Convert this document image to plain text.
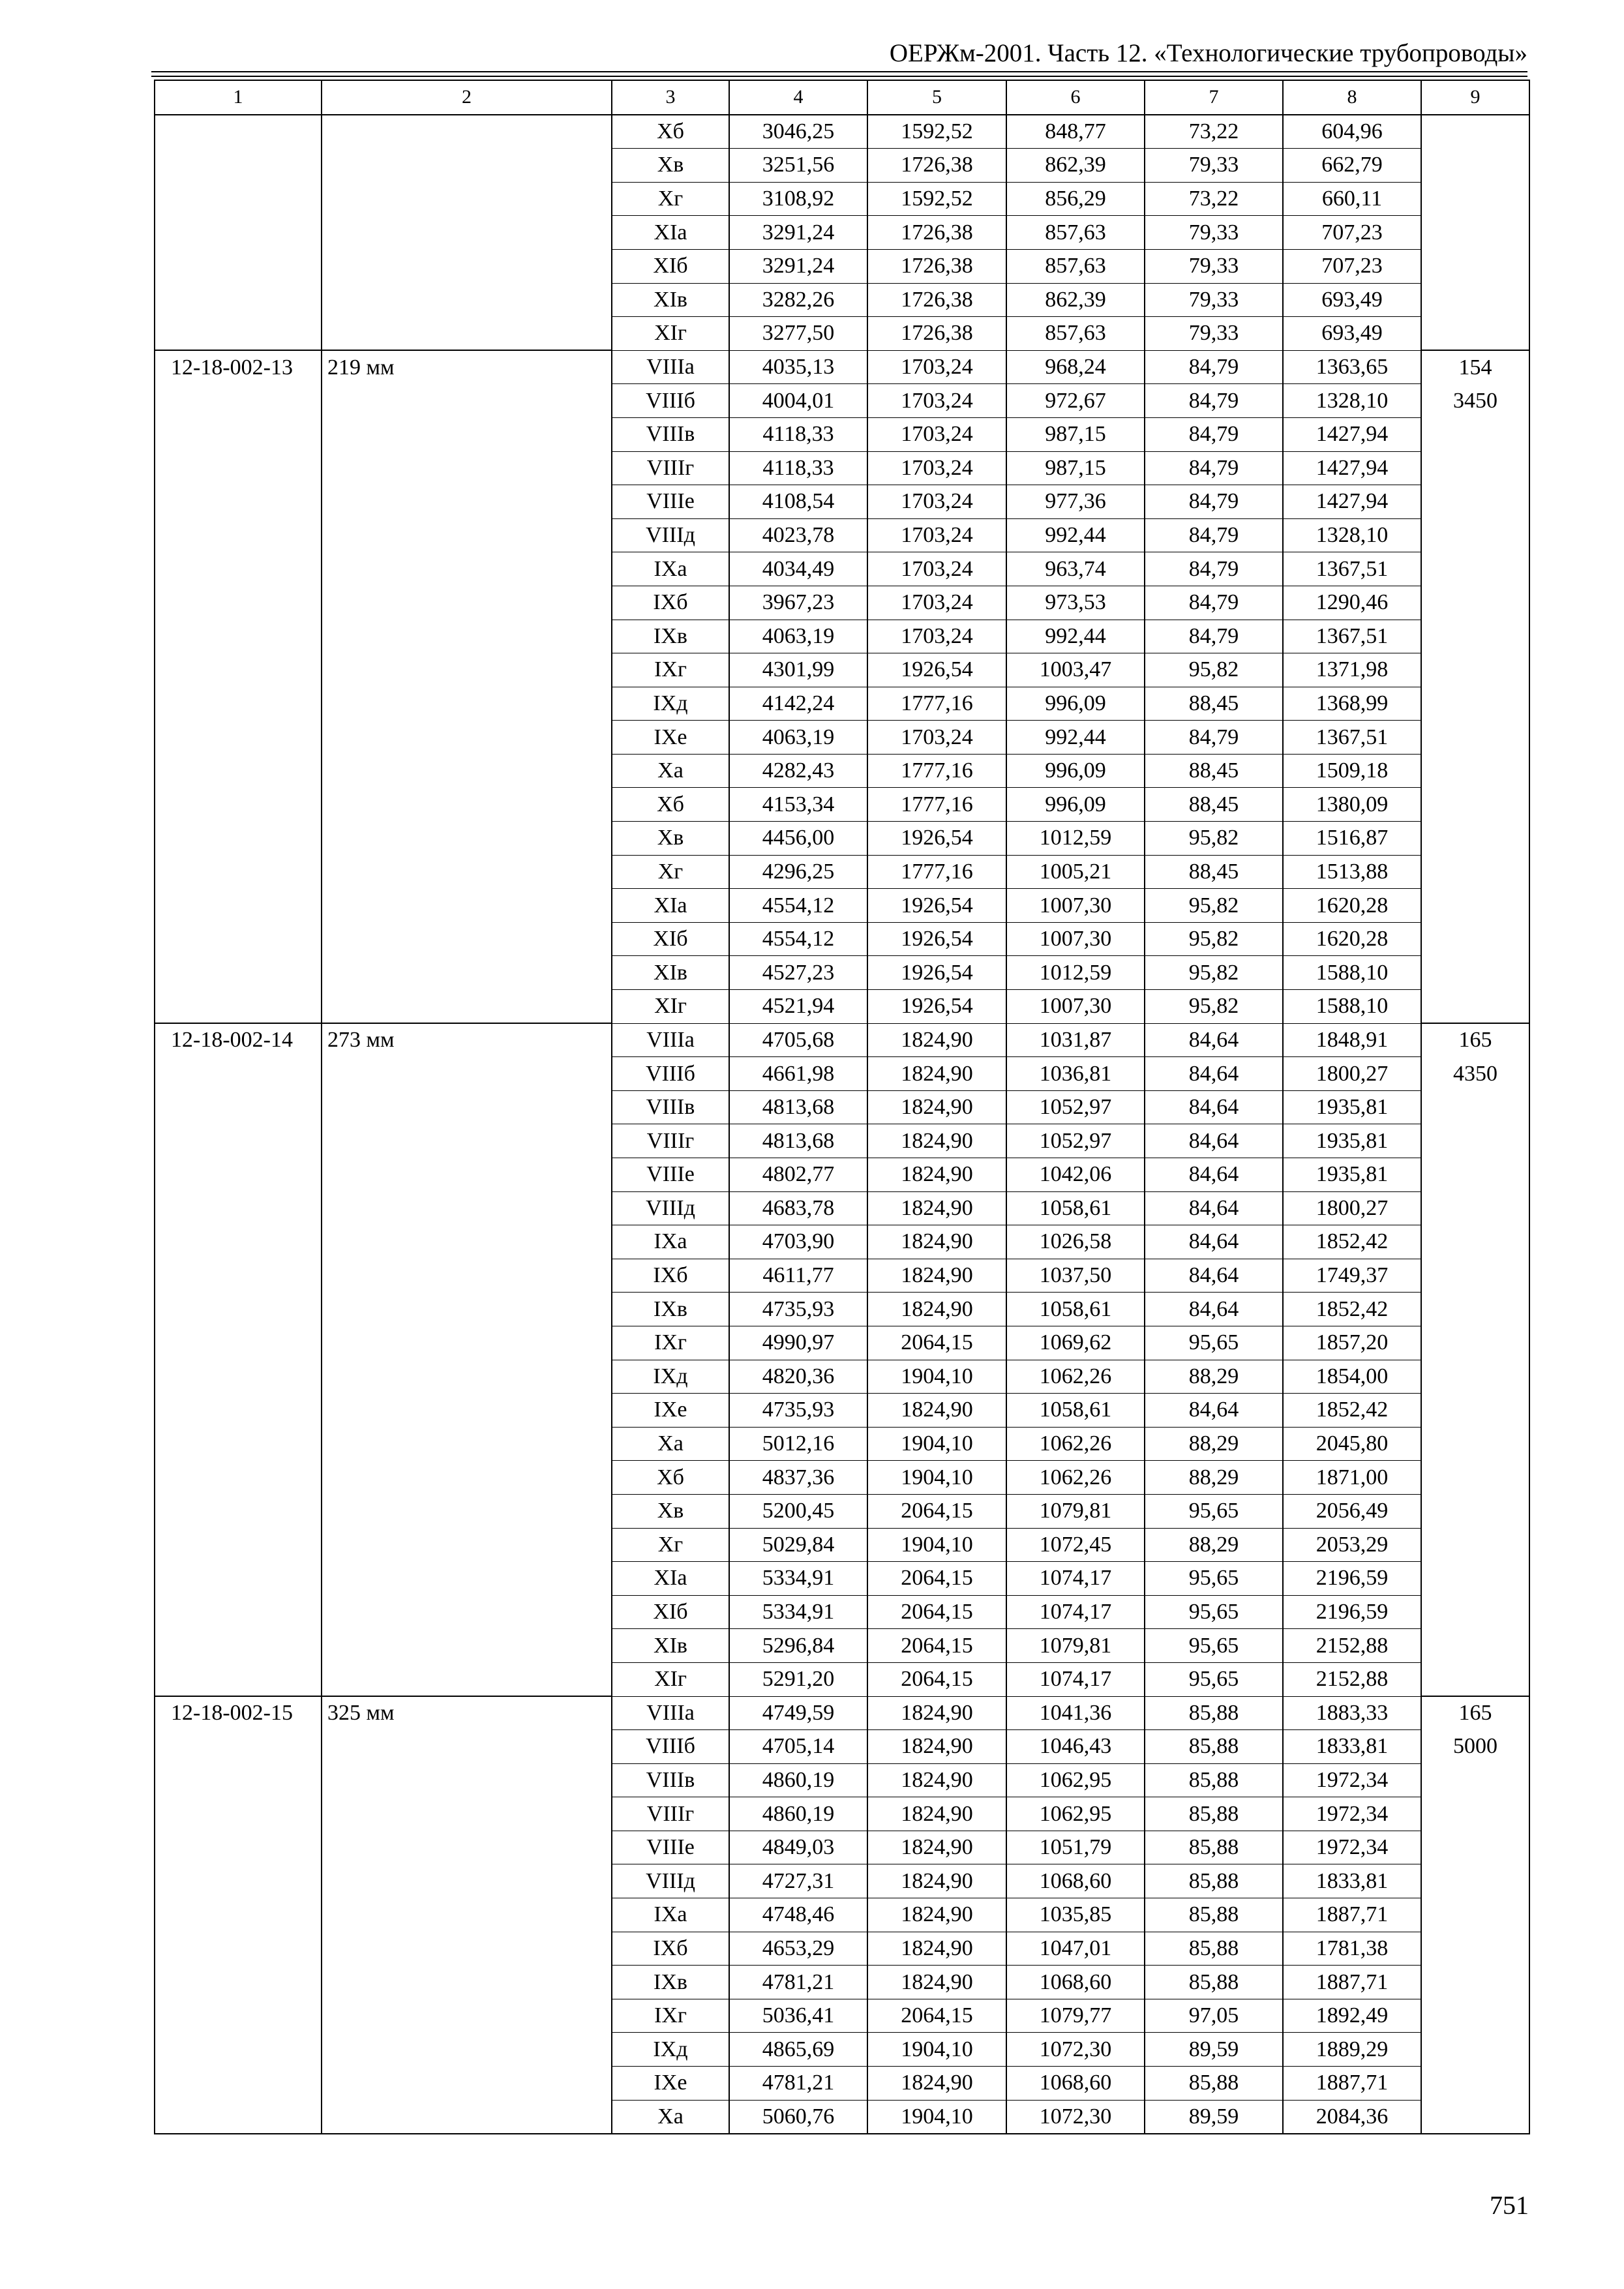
ОЕРЖм-2001. Часть 12. «Технологические трубопроводы»
1	2	3	4	5	6	7	8	9
		Xб	3046,25	1592,52	848,77	73,22	604,96	
		Xв	3251,56	1726,38	862,39	79,33	662,79	
		Xг	3108,92	1592,52	856,29	73,22	660,11	
		XIа	3291,24	1726,38	857,63	79,33	707,23	
		XIб	3291,24	1726,38	857,63	79,33	707,23	
		XIв	3282,26	1726,38	862,39	79,33	693,49	
		XIг	3277,50	1726,38	857,63	79,33	693,49	
12-18-002-13	219 мм	VIIIа	4035,13	1703,24	968,24	84,79	1363,65	154
		VIIIб	4004,01	1703,24	972,67	84,79	1328,10	3450
		VIIIв	4118,33	1703,24	987,15	84,79	1427,94	
		VIIIг	4118,33	1703,24	987,15	84,79	1427,94	
		VIIIе	4108,54	1703,24	977,36	84,79	1427,94	
		VIIIд	4023,78	1703,24	992,44	84,79	1328,10	
		IXа	4034,49	1703,24	963,74	84,79	1367,51	
		IXб	3967,23	1703,24	973,53	84,79	1290,46	
		IXв	4063,19	1703,24	992,44	84,79	1367,51	
		IXг	4301,99	1926,54	1003,47	95,82	1371,98	
		IXд	4142,24	1777,16	996,09	88,45	1368,99	
		IXе	4063,19	1703,24	992,44	84,79	1367,51	
		Xа	4282,43	1777,16	996,09	88,45	1509,18	
		Xб	4153,34	1777,16	996,09	88,45	1380,09	
		Xв	4456,00	1926,54	1012,59	95,82	1516,87	
		Xг	4296,25	1777,16	1005,21	88,45	1513,88	
		XIа	4554,12	1926,54	1007,30	95,82	1620,28	
		XIб	4554,12	1926,54	1007,30	95,82	1620,28	
		XIв	4527,23	1926,54	1012,59	95,82	1588,10	
		XIг	4521,94	1926,54	1007,30	95,82	1588,10	
12-18-002-14	273 мм	VIIIа	4705,68	1824,90	1031,87	84,64	1848,91	165
		VIIIб	4661,98	1824,90	1036,81	84,64	1800,27	4350
		VIIIв	4813,68	1824,90	1052,97	84,64	1935,81	
		VIIIг	4813,68	1824,90	1052,97	84,64	1935,81	
		VIIIе	4802,77	1824,90	1042,06	84,64	1935,81	
		VIIIд	4683,78	1824,90	1058,61	84,64	1800,27	
		IXа	4703,90	1824,90	1026,58	84,64	1852,42	
		IXб	4611,77	1824,90	1037,50	84,64	1749,37	
		IXв	4735,93	1824,90	1058,61	84,64	1852,42	
		IXг	4990,97	2064,15	1069,62	95,65	1857,20	
		IXд	4820,36	1904,10	1062,26	88,29	1854,00	
		IXе	4735,93	1824,90	1058,61	84,64	1852,42	
		Xа	5012,16	1904,10	1062,26	88,29	2045,80	
		Xб	4837,36	1904,10	1062,26	88,29	1871,00	
		Xв	5200,45	2064,15	1079,81	95,65	2056,49	
		Xг	5029,84	1904,10	1072,45	88,29	2053,29	
		XIа	5334,91	2064,15	1074,17	95,65	2196,59	
		XIб	5334,91	2064,15	1074,17	95,65	2196,59	
		XIв	5296,84	2064,15	1079,81	95,65	2152,88	
		XIг	5291,20	2064,15	1074,17	95,65	2152,88	
12-18-002-15	325 мм	VIIIа	4749,59	1824,90	1041,36	85,88	1883,33	165
		VIIIб	4705,14	1824,90	1046,43	85,88	1833,81	5000
		VIIIв	4860,19	1824,90	1062,95	85,88	1972,34	
		VIIIг	4860,19	1824,90	1062,95	85,88	1972,34	
		VIIIе	4849,03	1824,90	1051,79	85,88	1972,34	
		VIIIд	4727,31	1824,90	1068,60	85,88	1833,81	
		IXа	4748,46	1824,90	1035,85	85,88	1887,71	
		IXб	4653,29	1824,90	1047,01	85,88	1781,38	
		IXв	4781,21	1824,90	1068,60	85,88	1887,71	
		IXг	5036,41	2064,15	1079,77	97,05	1892,49	
		IXд	4865,69	1904,10	1072,30	89,59	1889,29	
		IXе	4781,21	1824,90	1068,60	85,88	1887,71	
		Xа	5060,76	1904,10	1072,30	89,59	2084,36	
751
